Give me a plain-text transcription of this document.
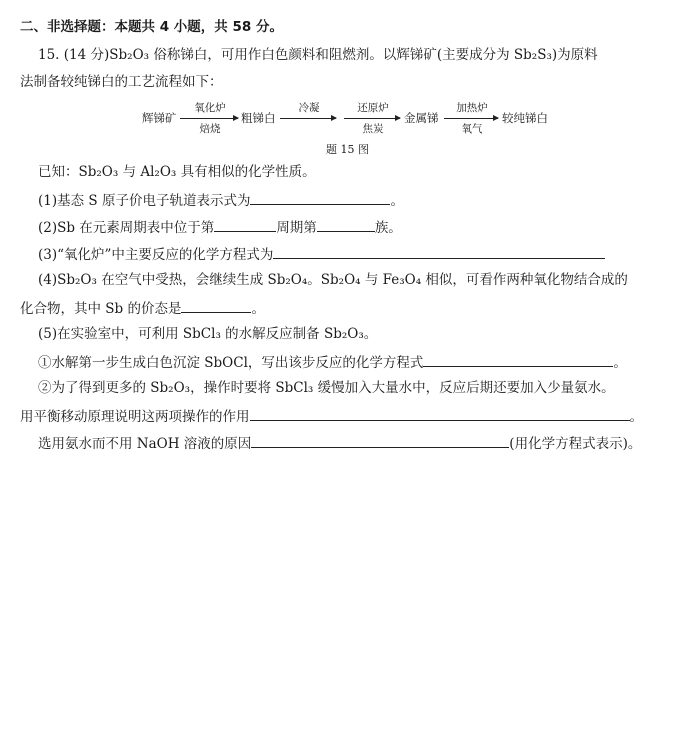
二、非选择题：本题共 4 小题，共 58 分。
15. (14 分)Sb₂O₃ 俗称锑白，可用作白色颜料和阻燃剂。以辉锑矿(主要成分为 Sb₂S₃)为原料
法制备较纯锑白的工艺流程如下：
辉锑矿
氧化炉
焙烧
粗锑白
冷凝	还原炉
焦炭
金属锑
加热炉
氧气
较纯锑白
题 15 图
已知：Sb₂O₃ 与 Al₂O₃ 具有相似的化学性质。
(1)基态 S 原子价电子轨道表示式为	。
(2)Sb 在元素周期表中位于第	周期第	族。
(3)“氧化炉”中主要反应的化学方程式为
(4)Sb₂O₃ 在空气中受热，会继续生成 Sb₂O₄。Sb₂O₄ 与 Fe₃O₄ 相似，可看作两种氧化物结合成的
化合物，其中 Sb 的价态是	。
(5)在实验室中，可利用 SbCl₃ 的水解反应制备 Sb₂O₃。
①水解第一步生成白色沉淀 SbOCl，写出该步反应的化学方程式	。
②为了得到更多的 Sb₂O₃，操作时要将 SbCl₃ 缓慢加入大量水中，反应后期还要加入少量氨水。
用平衡移动原理说明这两项操作的作用	。
选用氨水而不用 NaOH 溶液的原因	(用化学方程式表示)。
